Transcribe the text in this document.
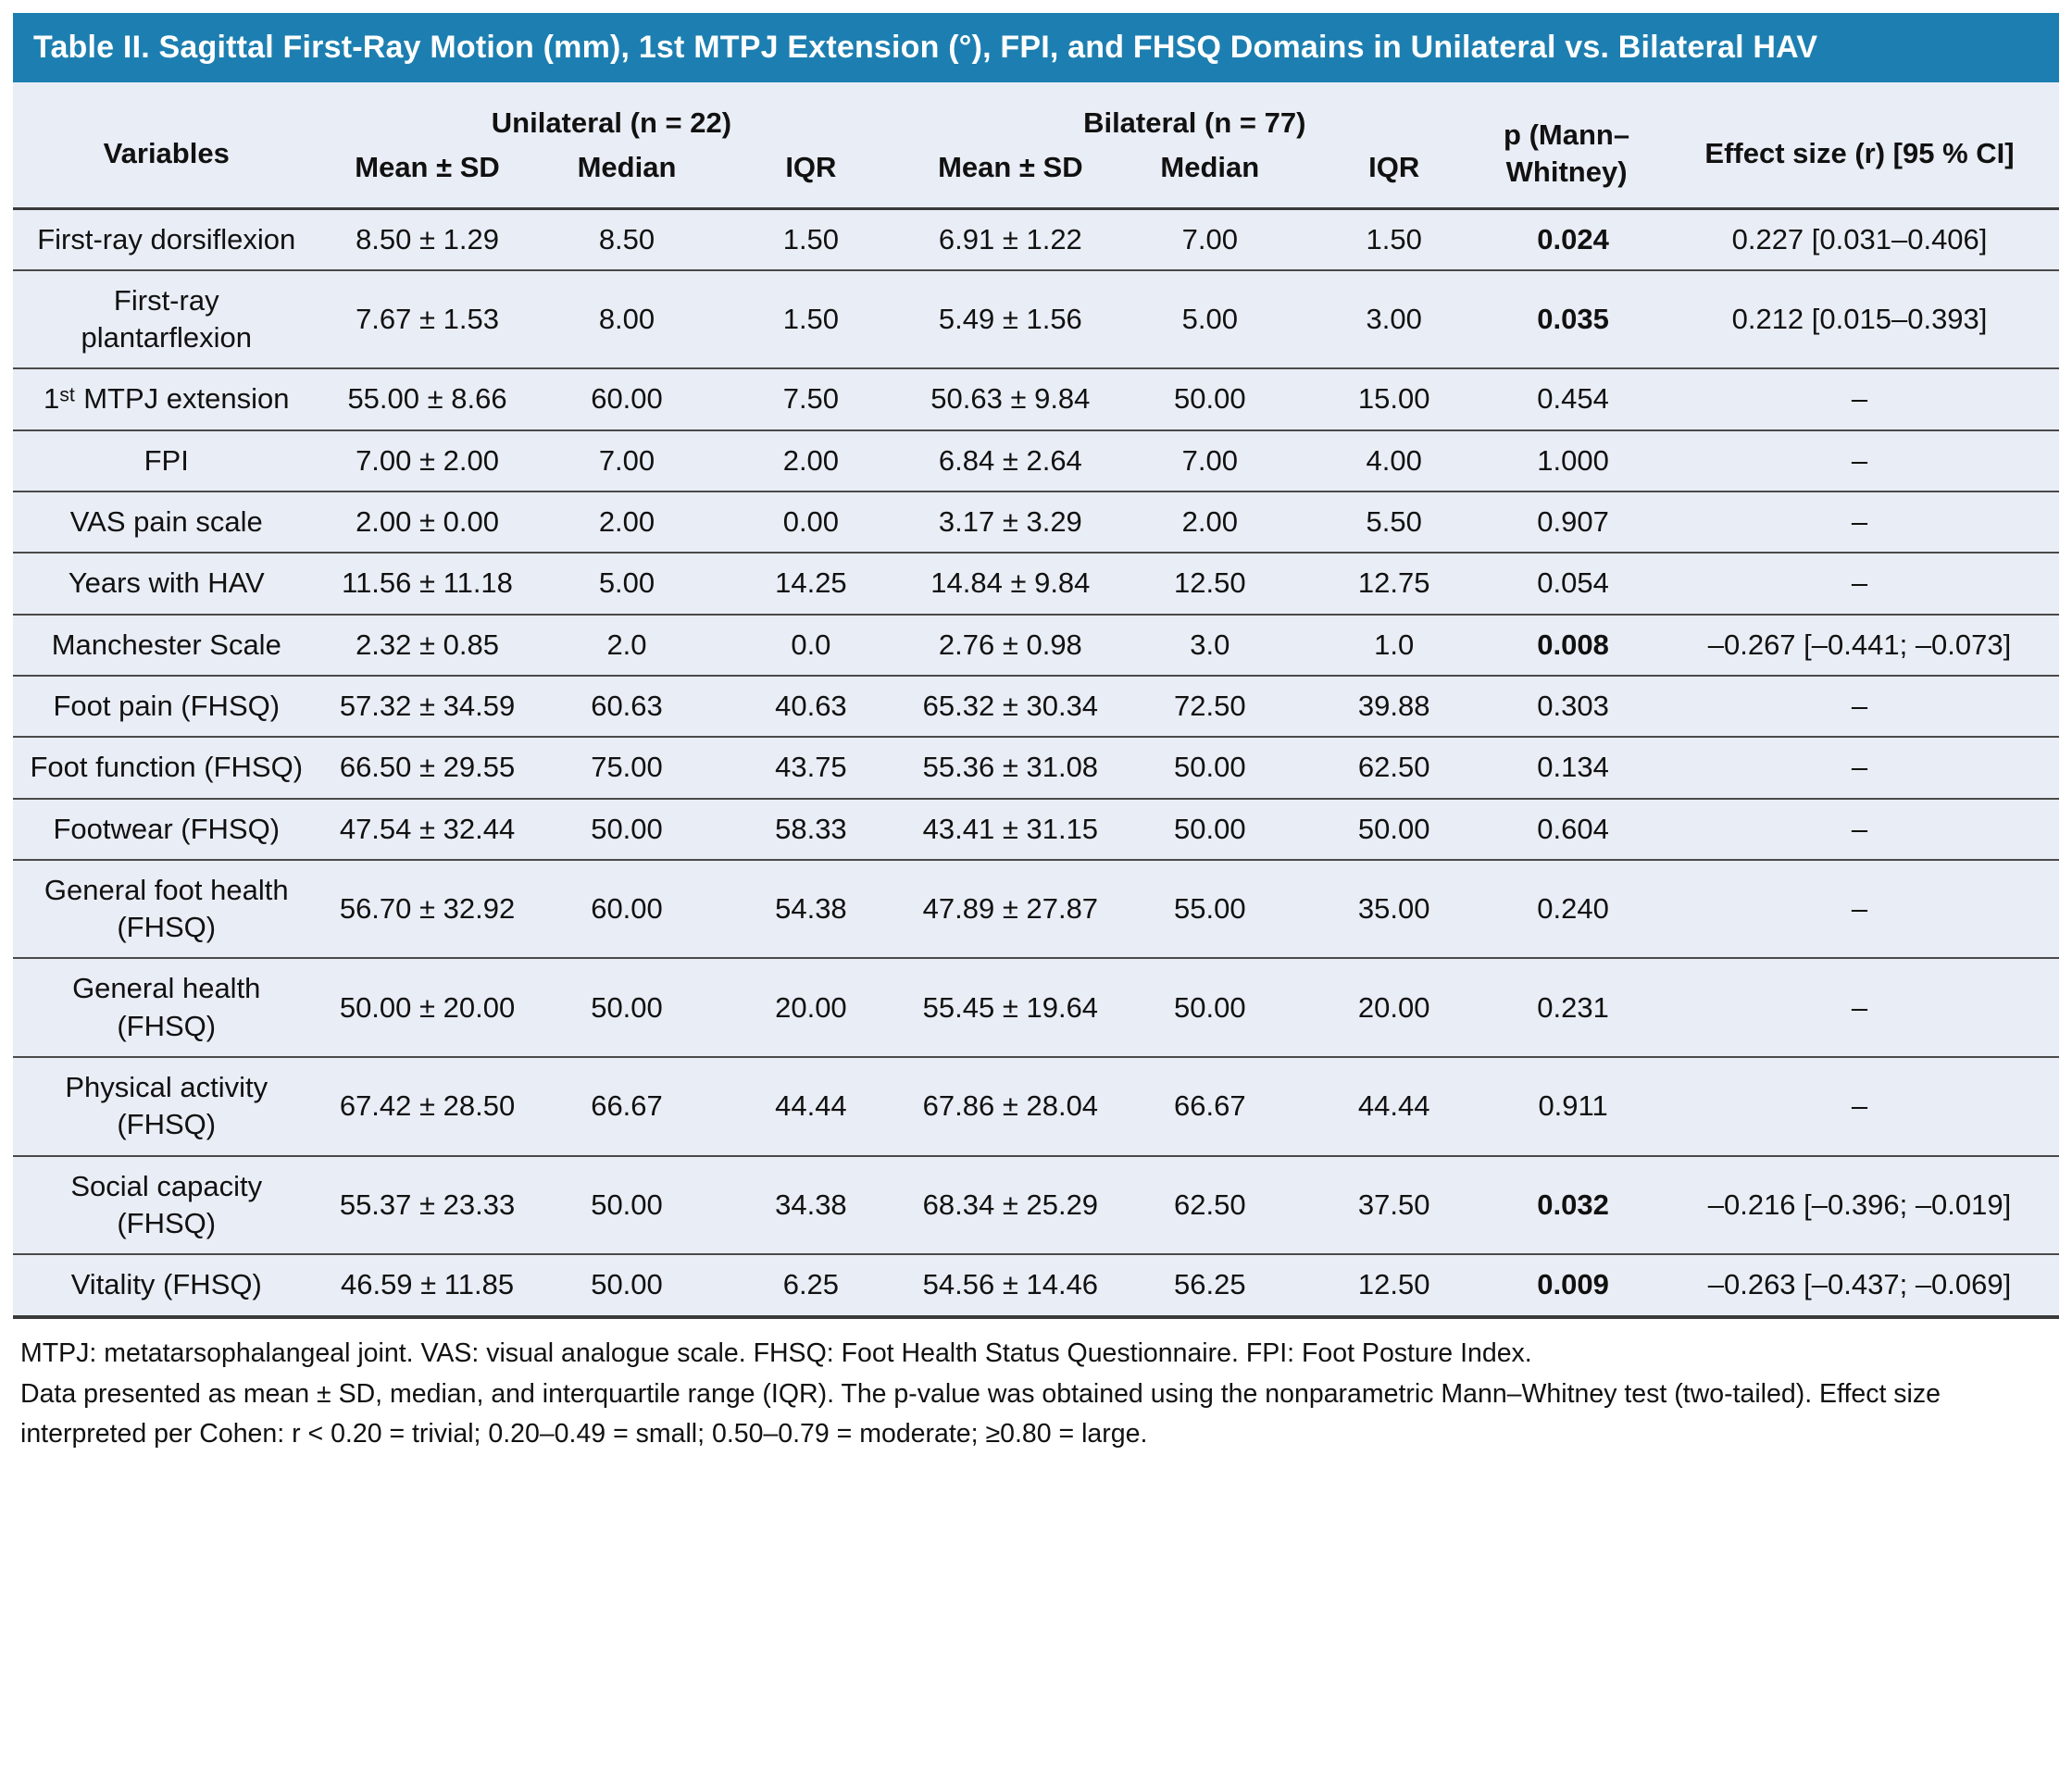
Table II. Sagittal First-Ray Motion (mm), 1st MTPJ Extension (°), FPI, and FHSQ Domains in Unilateral vs. Bilateral HAV
Variables	Unilateral (n = 22)			Bilateral (n = 77)			p (Mann–Whitney)	Effect size (r) [95 % CI]
	Mean ± SD	Median	IQR	Mean ± SD	Median	IQR		
First-ray dorsiflexion	8.50 ± 1.29	8.50	1.50	6.91 ± 1.22	7.00	1.50	0.024	0.227 [0.031–0.406]
First-ray plantarflexion	7.67 ± 1.53	8.00	1.50	5.49 ± 1.56	5.00	3.00	0.035	0.212 [0.015–0.393]
1ˢᵗ MTPJ extension	55.00 ± 8.66	60.00	7.50	50.63 ± 9.84	50.00	15.00	0.454	–
FPI	7.00 ± 2.00	7.00	2.00	6.84 ± 2.64	7.00	4.00	1.000	–
VAS pain scale	2.00 ± 0.00	2.00	0.00	3.17 ± 3.29	2.00	5.50	0.907	–
Years with HAV	11.56 ± 11.18	5.00	14.25	14.84 ± 9.84	12.50	12.75	0.054	–
Manchester Scale	2.32 ± 0.85	2.0	0.0	2.76 ± 0.98	3.0	1.0	0.008	–0.267 [–0.441; –0.073]
Foot pain (FHSQ)	57.32 ± 34.59	60.63	40.63	65.32 ± 30.34	72.50	39.88	0.303	–
Foot function (FHSQ)	66.50 ± 29.55	75.00	43.75	55.36 ± 31.08	50.00	62.50	0.134	–
Footwear (FHSQ)	47.54 ± 32.44	50.00	58.33	43.41 ± 31.15	50.00	50.00	0.604	–
General foot health (FHSQ)	56.70 ± 32.92	60.00	54.38	47.89 ± 27.87	55.00	35.00	0.240	–
General health (FHSQ)	50.00 ± 20.00	50.00	20.00	55.45 ± 19.64	50.00	20.00	0.231	–
Physical activity (FHSQ)	67.42 ± 28.50	66.67	44.44	67.86 ± 28.04	66.67	44.44	0.911	–
Social capacity (FHSQ)	55.37 ± 23.33	50.00	34.38	68.34 ± 25.29	62.50	37.50	0.032	–0.216 [–0.396; –0.019]
Vitality (FHSQ)	46.59 ± 11.85	50.00	6.25	54.56 ± 14.46	56.25	12.50	0.009	–0.263 [–0.437; –0.069]

MTPJ: metatarsophalangeal joint. VAS: visual analogue scale. FHSQ: Foot Health Status Questionnaire. FPI: Foot Posture Index.

Data presented as mean ± SD, median, and interquartile range (IQR). The p-value was obtained using the nonparametric Mann–Whitney test (two-tailed). Effect size interpreted per Cohen: r < 0.20 = trivial; 0.20–0.49 = small; 0.50–0.79 = moderate; ≥0.80 = large.
